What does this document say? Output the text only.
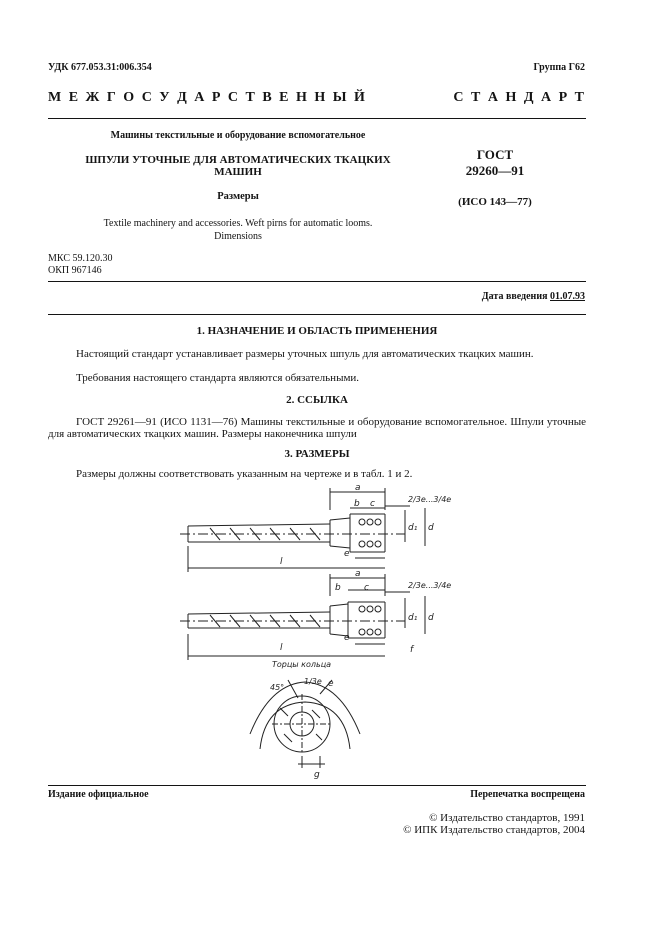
УДК 677.053.31:006.354	Группа Г62
М Е Ж Г О С У Д А Р С Т В Е Н Н Ы Й	С Т А Н Д А Р Т
Машины текстильные и оборудование вспомогательное
ШПУЛИ УТОЧНЫЕ ДЛЯ АВТОМАТИЧЕСКИХ ТКАЦКИХ
МАШИН
Размеры
Textile machinery and accessories. Weft pirns for automatic looms.
Dimensions
ГОСТ
29260—91
(ИСО 143—77)
МКС 59.120.30
ОКП 967146
Дата введения 01.07.93
1. НАЗНАЧЕНИЕ И ОБЛАСТЬ ПРИМЕНЕНИЯ
Настоящий стандарт устанавливает размеры уточных шпуль для автоматических ткацких машин.
Требования настоящего стандарта являются обязательными.
2. ССЫЛКА
ГОСТ 29261—91 (ИСО 1131—76) Машины текстильные и оборудование вспомогательное. Шпули уточные для автоматических ткацких машин. Размеры наконечника шпули
3. РАЗМЕРЫ
Размеры должны соответствовать указанным на чертеже и в табл. 1 и 2.
a
b c	2/3e...3/4e
d₁ d
e
l
a
b	c	2/3e...3/4e
d₁ d
f
e
l
Торцы кольца
45°
1/3e e
g
Издание официальное	Перепечатка воспрещена
© Издательство стандартов, 1991
© ИПК Издательство стандартов, 2004
